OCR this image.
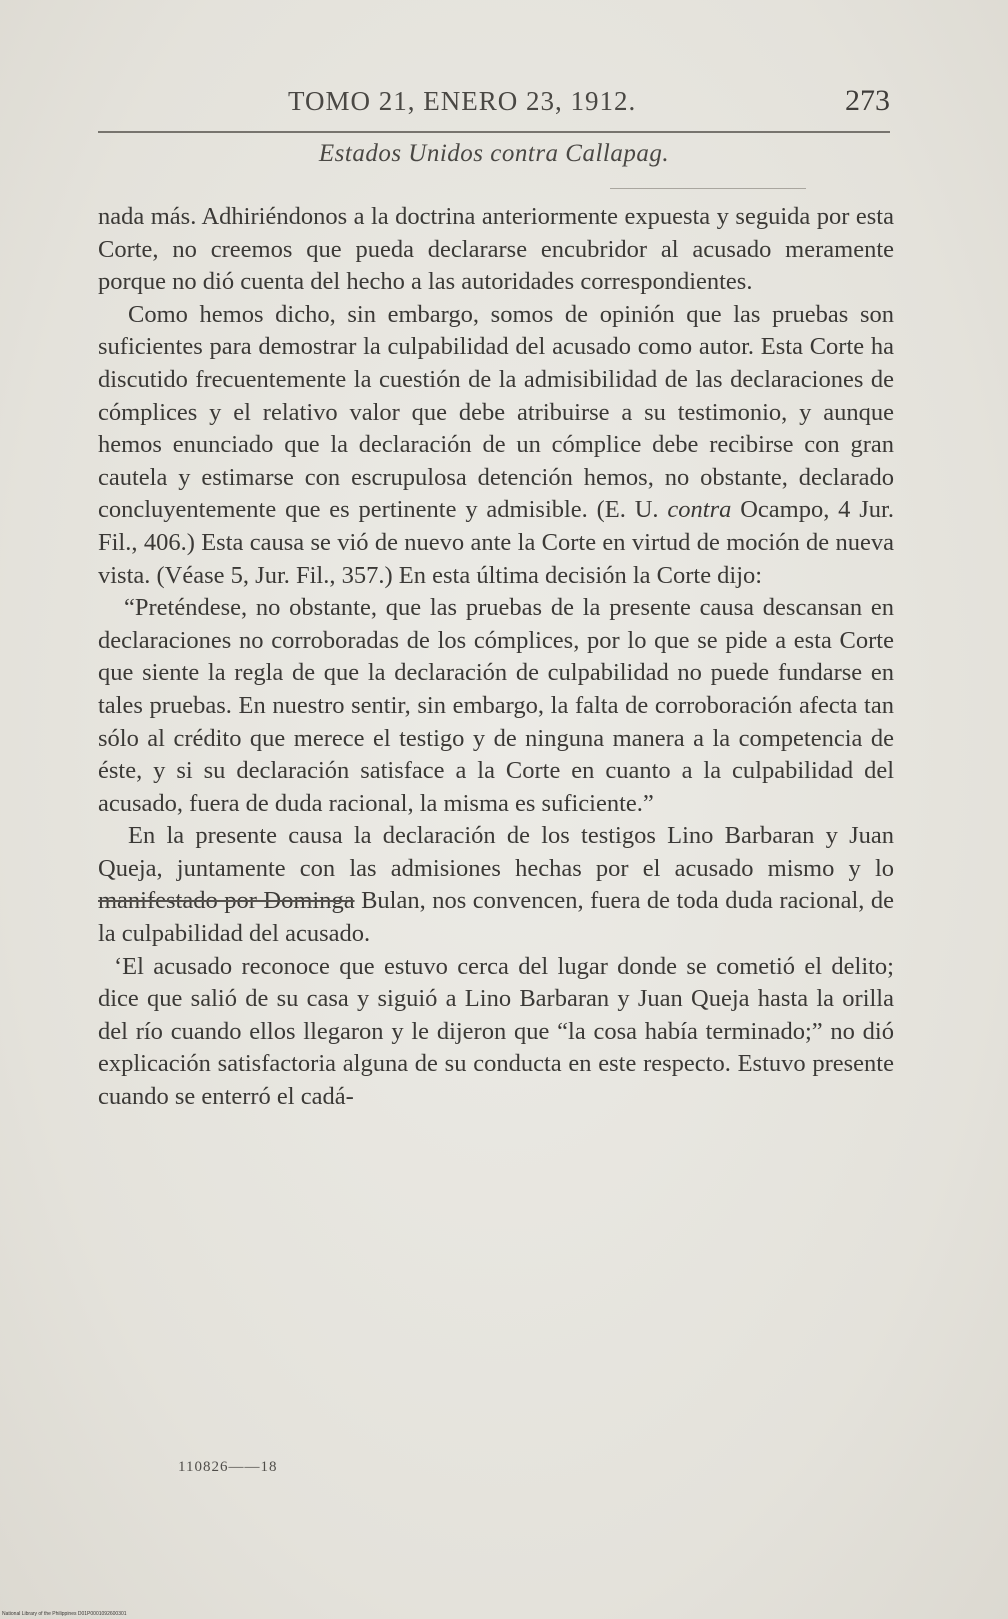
TOMO 21, ENERO 23, 1912.	273
Estados Unidos contra Callapag.

nada más. Adhiriéndonos a la doctrina anteriormente expuesta y seguida por esta Corte, no creemos que pueda declararse encubridor al acusado meramente porque no dió cuenta del hecho a las autoridades correspondientes.

Como hemos dicho, sin embargo, somos de opinión que las pruebas son suficientes para demostrar la culpabilidad del acusado como autor. Esta Corte ha discutido frecuentemente la cuestión de la admisibilidad de las declaraciones de cómplices y el relativo valor que debe atribuirse a su testimonio, y aunque hemos enunciado que la declaración de un cómplice debe recibirse con gran cautela y estimarse con escrupulosa detención hemos, no obstante, declarado concluyentemente que es pertinente y admisible. (E. U. contra Ocampo, 4 Jur. Fil., 406.) Esta causa se vió de nuevo ante la Corte en virtud de moción de nueva vista. (Véase 5, Jur. Fil., 357.) En esta última decisión la Corte dijo:

“Preténdese, no obstante, que las pruebas de la presente causa descansan en declaraciones no corroboradas de los cómplices, por lo que se pide a esta Corte que siente la regla de que la declaración de culpabilidad no puede fundarse en tales pruebas. En nuestro sentir, sin embargo, la falta de corroboración afecta tan sólo al crédito que merece el testigo y de ninguna manera a la competencia de éste, y si su declaración satisface a la Corte en cuanto a la culpabilidad del acusado, fuera de duda racional, la misma es suficiente.”

En la presente causa la declaración de los testigos Lino Barbaran y Juan Queja, juntamente con las admisiones hechas por el acusado mismo y lo manifestado por Dominga Bulan, nos convencen, fuera de toda duda racional, de la culpabilidad del acusado.

‘El acusado reconoce que estuvo cerca del lugar donde se cometió el delito; dice que salió de su casa y siguió a Lino Barbaran y Juan Queja hasta la orilla del río cuando ellos llegaron y le dijeron que “la cosa había terminado;” no dió explicación satisfactoria alguna de su conducta en este respecto. Estuvo presente cuando se enterró el cadá-

110826——18
National Library of the Philippines D01P0001092600301
